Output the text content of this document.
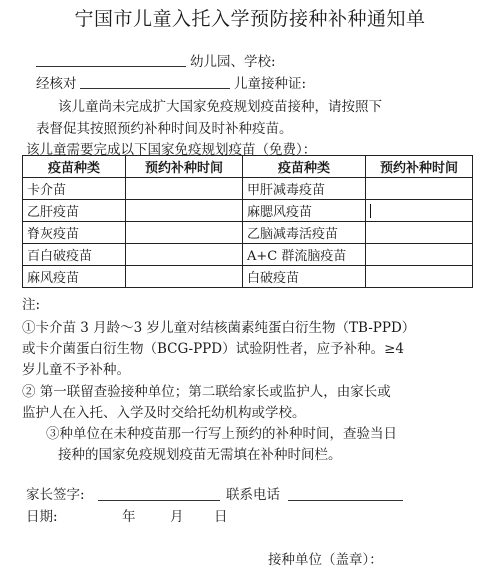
宁国市儿童入托入学预防接种补种通知单
幼儿园、学校:
经核对	儿童接种证:
该儿童尚未完成扩大国家免疫规划疫苗接种，请按照下
表督促其按照预约补种时间及时补种疫苗。
该儿童需要完成以下国家免疫规划疫苗（免费）：
疫苗种类	预约补种时间	疫苗种类	预约补种时间
卡介苗		甲肝减毒疫苗	
乙肝疫苗		麻腮风疫苗	
脊灰疫苗		乙脑减毒活疫苗	
百白破疫苗		A+C 群流脑疫苗	
麻风疫苗		白破疫苗	
注:
①卡介苗 3 月龄～3 岁儿童对结核菌素纯蛋白衍生物（TB-PPD）
或卡介菌蛋白衍生物（BCG-PPD）试验阴性者，应予补种。≥4
岁儿童不予补种。
② 第一联留查验接种单位；第二联给家长或监护人，由家长或
监护人在入托、入学及时交给托幼机构或学校。
③种单位在未种疫苗那一行写上预约的补种时间，查验当日
接种的国家免疫规划疫苗无需填在补种时间栏。
家长签字:	联系电话
日期:	年	月 日
接种单位（盖章）：
